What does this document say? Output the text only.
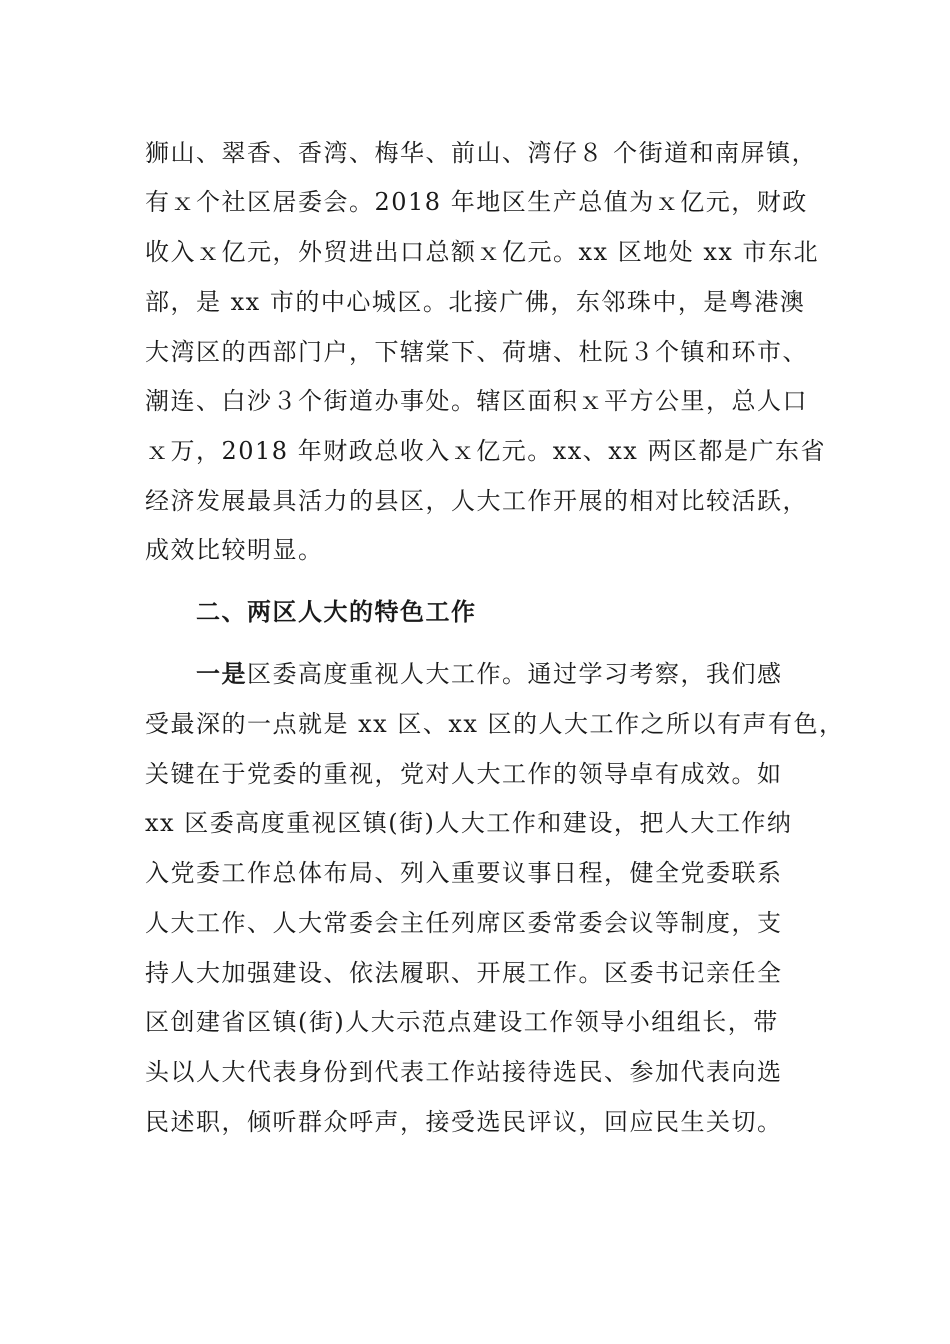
狮山、翠香、香湾、梅华、前山、湾仔８ 个街道和南屏镇，
有ｘ个社区居委会。2018 年地区生产总值为ｘ亿元，财政
收入ｘ亿元，外贸进出口总额ｘ亿元。xx 区地处 xx 市东北
部，是 xx 市的中心城区。北接广佛，东邻珠中，是粤港澳
大湾区的西部门户，下辖棠下、荷塘、杜阮３个镇和环市、
潮连、白沙３个街道办事处。辖区面积ｘ平方公里，总人口
ｘ万，2018 年财政总收入ｘ亿元。xx、xx 两区都是广东省
经济发展最具活力的县区，人大工作开展的相对比较活跃，
成效比较明显。
二、两区人大的特色工作
一是区委高度重视人大工作。通过学习考察，我们感
受最深的一点就是 xx 区、xx 区的人大工作之所以有声有色，
关键在于党委的重视，党对人大工作的领导卓有成效。如
xx 区委高度重视区镇(街)人大工作和建设，把人大工作纳
入党委工作总体布局、列入重要议事日程，健全党委联系
人大工作、人大常委会主任列席区委常委会议等制度，支
持人大加强建设、依法履职、开展工作。区委书记亲任全
区创建省区镇(街)人大示范点建设工作领导小组组长，带
头以人大代表身份到代表工作站接待选民、参加代表向选
民述职，倾听群众呼声，接受选民评议，回应民生关切。
